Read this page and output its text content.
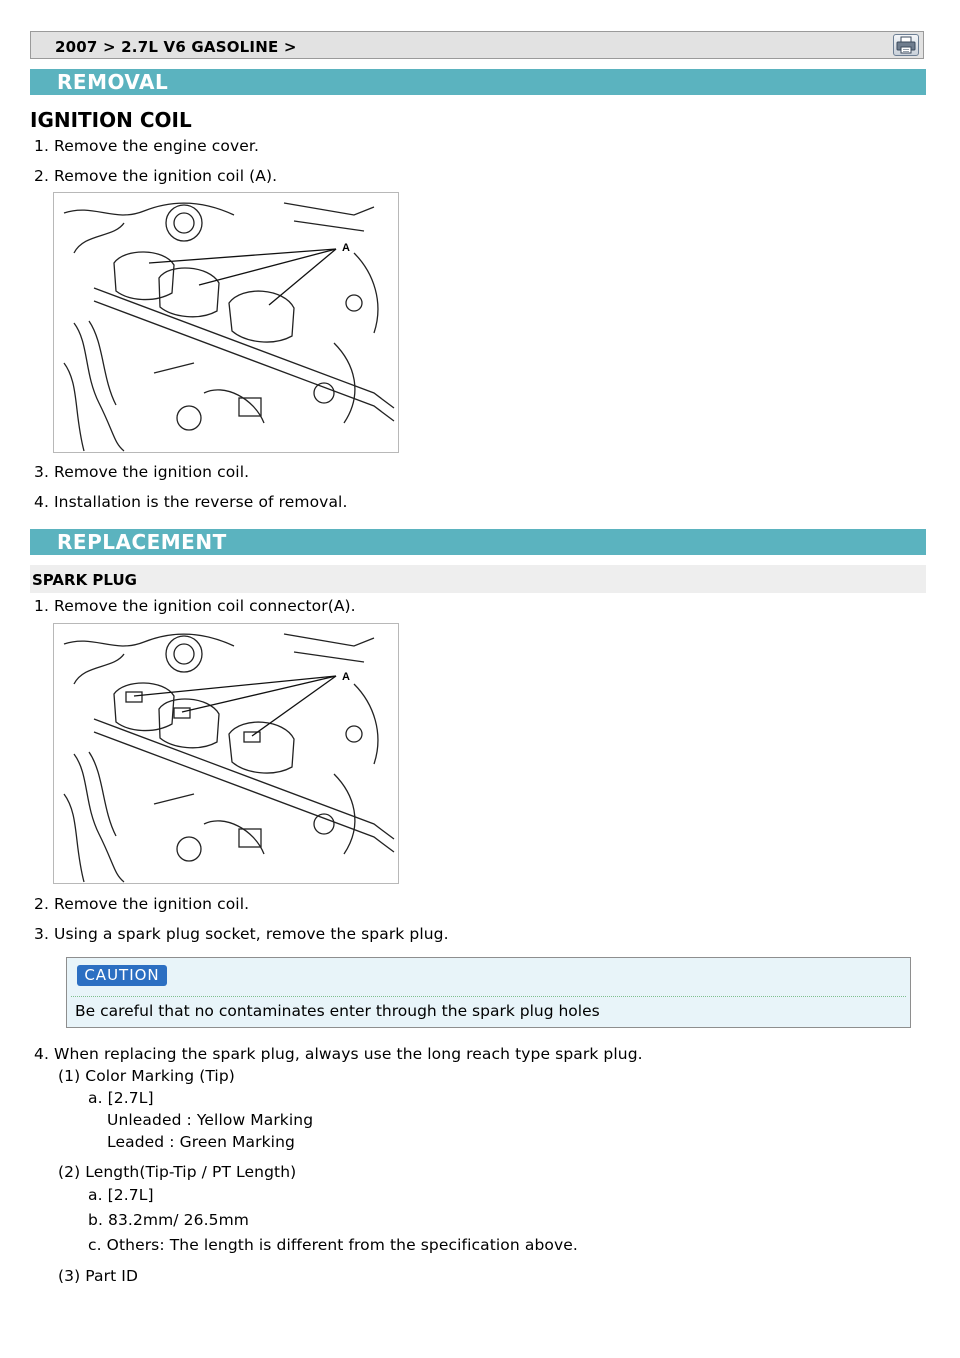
2007 > 2.7L V6 GASOLINE >
REMOVAL
IGNITION COIL
1. Remove the engine cover.
2. Remove the ignition coil (A).
A
3. Remove the ignition coil.
4. Installation is the reverse of removal.
REPLACEMENT
SPARK PLUG
1. Remove the ignition coil connector(A).
A
2. Remove the ignition coil.
3. Using a spark plug socket, remove the spark plug.
CAUTION
Be careful that no contaminates enter through the spark plug holes
4. When replacing the spark plug, always use the long reach type spark plug.
(1) Color Marking (Tip)
a. [2.7L]
Unleaded : Yellow Marking
Leaded : Green Marking
(2) Length(Tip-Tip / PT Length)
a. [2.7L]
b. 83.2mm/ 26.5mm
c. Others: The length is different from the specification above.
(3) Part ID
